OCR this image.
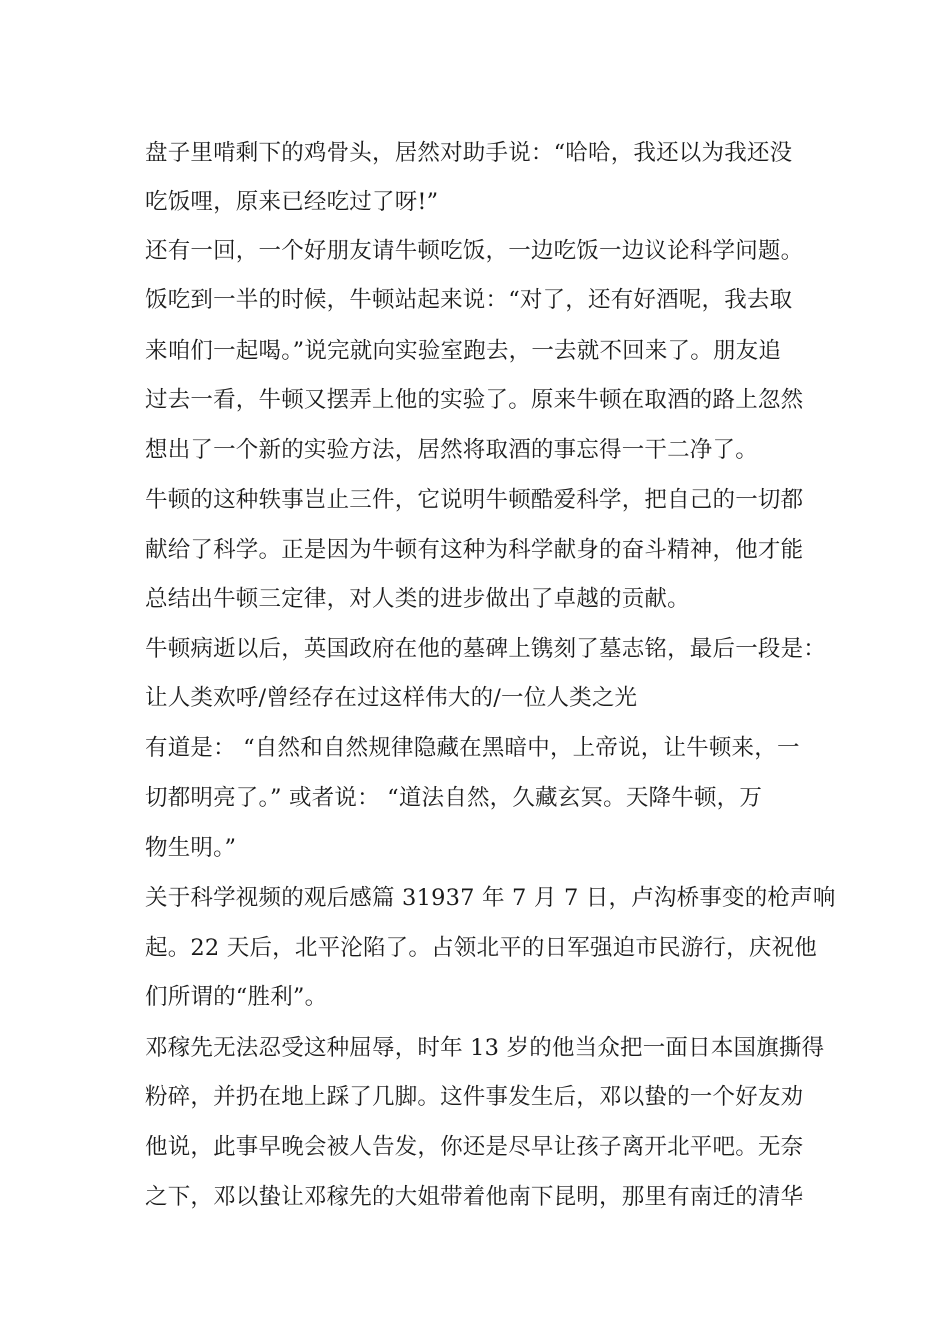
盘子里啃剩下的鸡骨头，居然对助手说：“哈哈，我还以为我还没

吃饭哩，原来已经吃过了呀!”

还有一回，一个好朋友请牛顿吃饭，一边吃饭一边议论科学问题。

饭吃到一半的时候，牛顿站起来说：“对了，还有好酒呢，我去取

来咱们一起喝。”说完就向实验室跑去，一去就不回来了。朋友追

过去一看，牛顿又摆弄上他的实验了。原来牛顿在取酒的路上忽然

想出了一个新的实验方法，居然将取酒的事忘得一干二净了。

牛顿的这种轶事岂止三件，它说明牛顿酷爱科学，把自己的一切都

献给了科学。正是因为牛顿有这种为科学献身的奋斗精神，他才能

总结出牛顿三定律，对人类的进步做出了卓越的贡献。

牛顿病逝以后，英国政府在他的墓碑上镌刻了墓志铭，最后一段是：

让人类欢呼/曾经存在过这样伟大的/一位人类之光

有道是： “自然和自然规律隐藏在黑暗中，上帝说，让牛顿来，一

切都明亮了。” 或者说： “道法自然，久藏玄冥。天降牛顿，万

物生明。”

关于科学视频的观后感篇 31937 年 7 月 7 日，卢沟桥事变的枪声响

起。22 天后，北平沦陷了。占领北平的日军强迫市民游行，庆祝他

们所谓的“胜利”。

邓稼先无法忍受这种屈辱，时年 13 岁的他当众把一面日本国旗撕得

粉碎，并扔在地上踩了几脚。这件事发生后，邓以蛰的一个好友劝

他说，此事早晚会被人告发，你还是尽早让孩子离开北平吧。无奈

之下，邓以蛰让邓稼先的大姐带着他南下昆明，那里有南迁的清华
